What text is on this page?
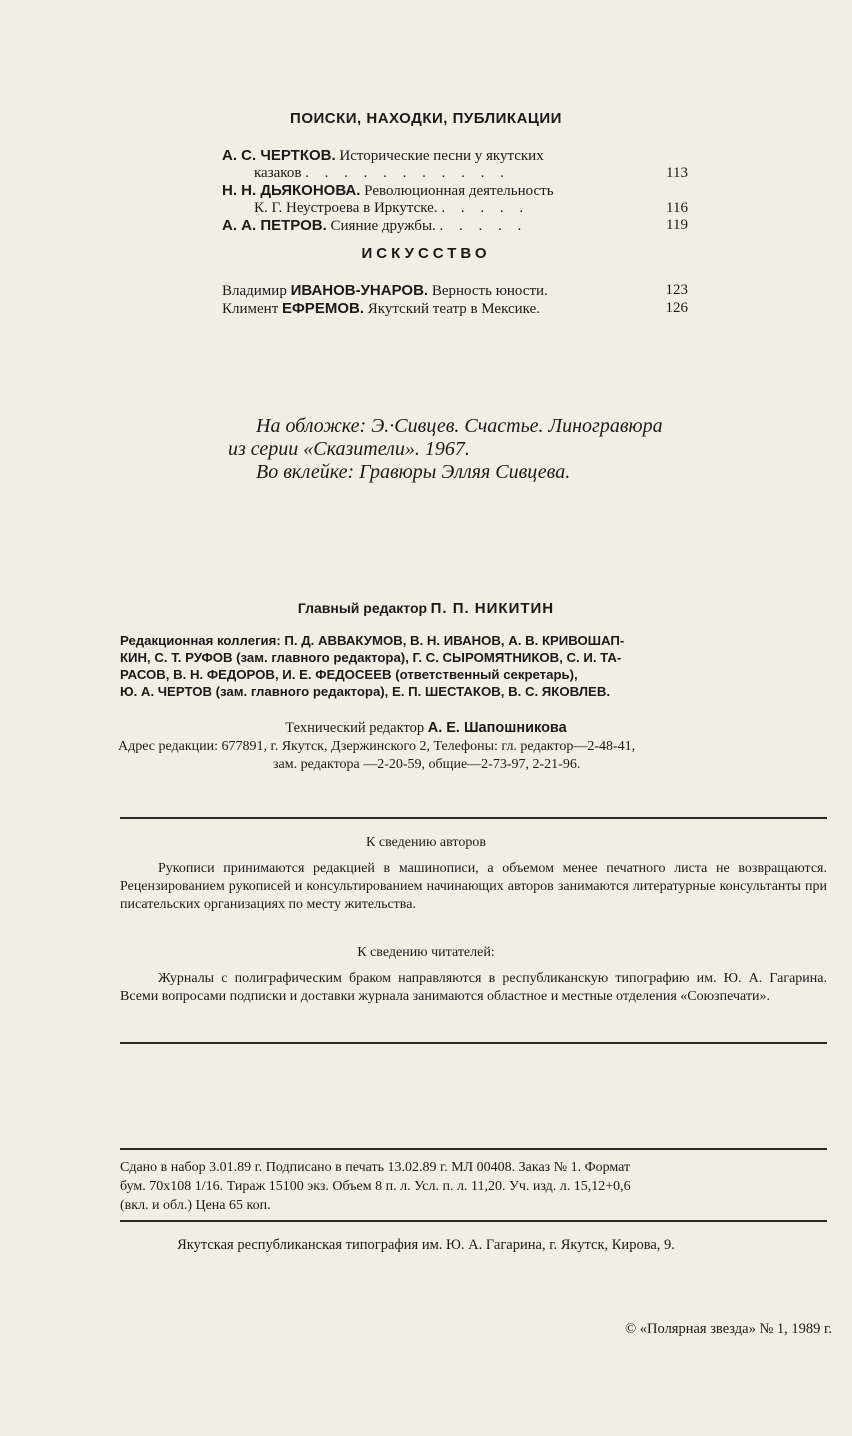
ПОИСКИ, НАХОДКИ, ПУБЛИКАЦИИ
А. С. ЧЕРТКОВ. Исторические песни у якутских
казаков . . . . . . . . . . .	113
Н. Н. ДЬЯКОНОВА. Революционная деятельность
К. Г. Неустроева в Иркутске. . . . . .	116
А. А. ПЕТРОВ. Сияние дружбы. . . . . .	119
ИСКУССТВО
Владимир ИВАНОВ-УНАРОВ. Верность юности.	123
Климент ЕФРЕМОВ. Якутский театр в Мексике.	126
На обложке: Э.·Сивцев. Счастье. Линогравюра
из серии «Сказители». 1967.
Во вклейке: Гравюры Элляя Сивцева.
Главный редактор П. П. НИКИТИН
Редакционная коллегия: П. Д. АВВАКУМОВ, В. Н. ИВАНОВ, А. В. КРИВОШАП-
КИН, С. Т. РУФОВ (зам. главного редактора), Г. С. СЫРОМЯТНИКОВ, С. И. ТА-
РАСОВ, В. Н. ФЕДОРОВ, И. Е. ФЕДОСЕЕВ (ответственный секретарь),
Ю. А. ЧЕРТОВ (зам. главного редактора), Е. П. ШЕСТАКОВ, В. С. ЯКОВЛЕВ.
Технический редактор А. Е. Шапошникова
Адрес редакции: 677891, г. Якутск, Дзержинского 2, Телефоны: гл. редактор—2-48-41,
зам. редактора —2-20-59, общие—2-73-97, 2-21-96.
К сведению авторов
Рукописи принимаются редакцией в машинописи, а объемом менее печатного листа не возвращаются. Рецензированием рукописей и консультированием начинающих авторов занимаются литературные консультанты при писательских организациях по месту жительства.
К сведению читателей:
Журналы с полиграфическим браком направляются в республиканскую типографию им. Ю. А. Гагарина. Всеми вопросами подписки и доставки журнала занимаются областное и местные отделения «Союзпечати».
Сдано в набор 3.01.89 г. Подписано в печать 13.02.89 г. МЛ 00408. Заказ № 1. Формат
бум. 70х108 1/16. Тираж 15100 экз. Объем 8 п. л. Усл. п. л. 11,20. Уч. изд. л. 15,12+0,6
(вкл. и обл.) Цена 65 коп.
Якутская республиканская типография им. Ю. А. Гагарина, г. Якутск, Кирова, 9.
© «Полярная звезда» № 1, 1989 г.
